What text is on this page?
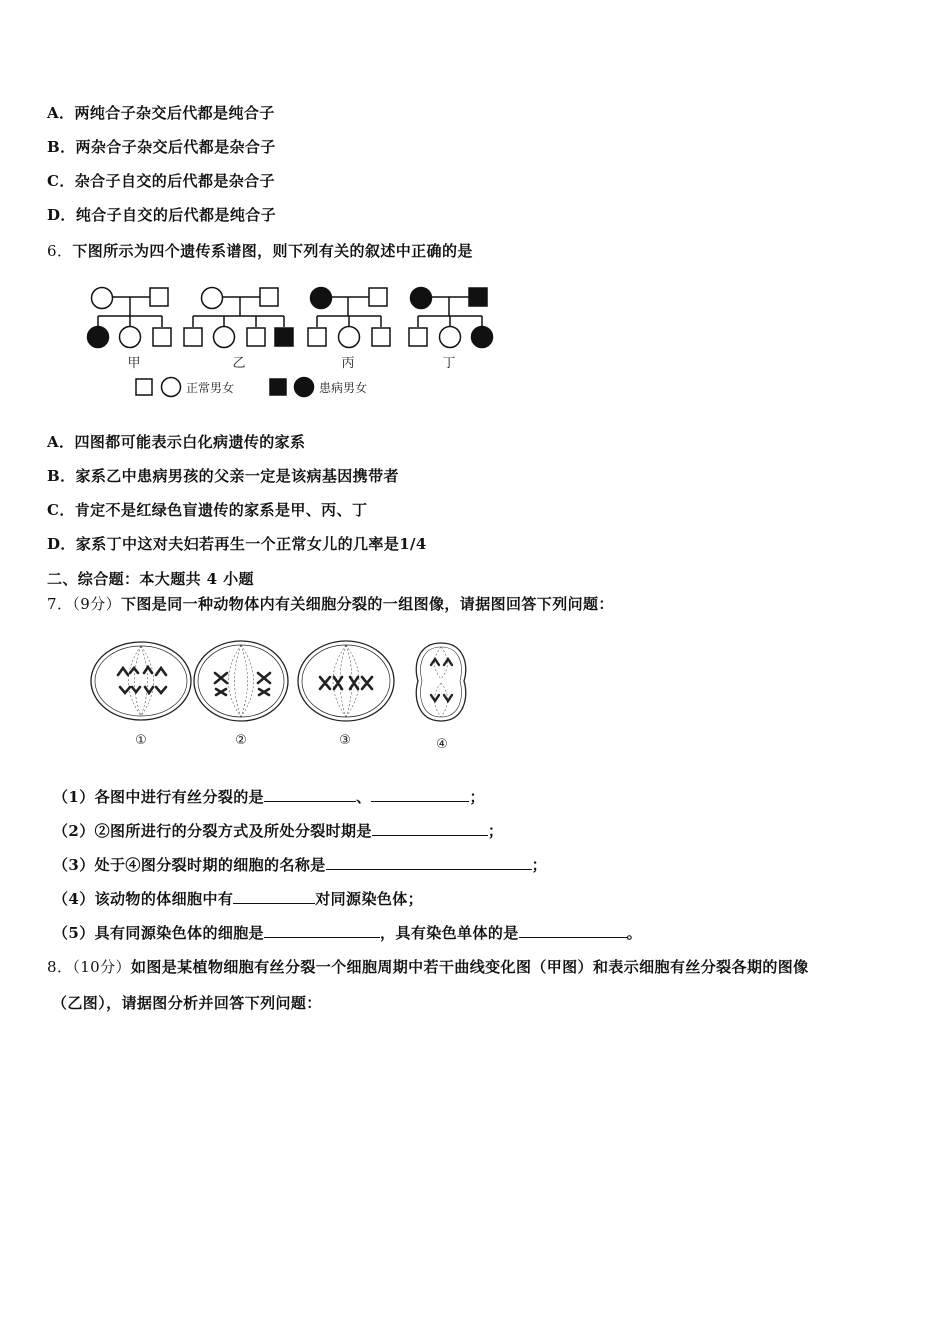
A．两纯合子杂交后代都是纯合子
B．两杂合子杂交后代都是杂合子
C．杂合子自交的后代都是杂合子
D．纯合子自交的后代都是纯合子
6．下图所示为四个遗传系谱图，则下列有关的叙述中正确的是
甲	乙	丙	丁
正常男女	患病男女
A．四图都可能表示白化病遗传的家系
B．家系乙中患病男孩的父亲一定是该病基因携带者
C．肯定不是红绿色盲遗传的家系是甲、丙、丁
D．家系丁中这对夫妇若再生一个正常女儿的几率是1/4
二、综合题：本大题共 4 小题
7．（9分）下图是同一种动物体内有关细胞分裂的一组图像，请据图回答下列问题：
①	②	③	④
（1）各图中进行有丝分裂的是	、	；
（2）②图所进行的分裂方式及所处分裂时期是	；
（3）处于④图分裂时期的细胞的名称是	；
（4）该动物的体细胞中有	对同源染色体；
（5）具有同源染色体的细胞是	，具有染色单体的是	。
8．（10分）如图是某植物细胞有丝分裂一个细胞周期中若干曲线变化图（甲图）和表示细胞有丝分裂各期的图像
（乙图），请据图分析并回答下列问题：
